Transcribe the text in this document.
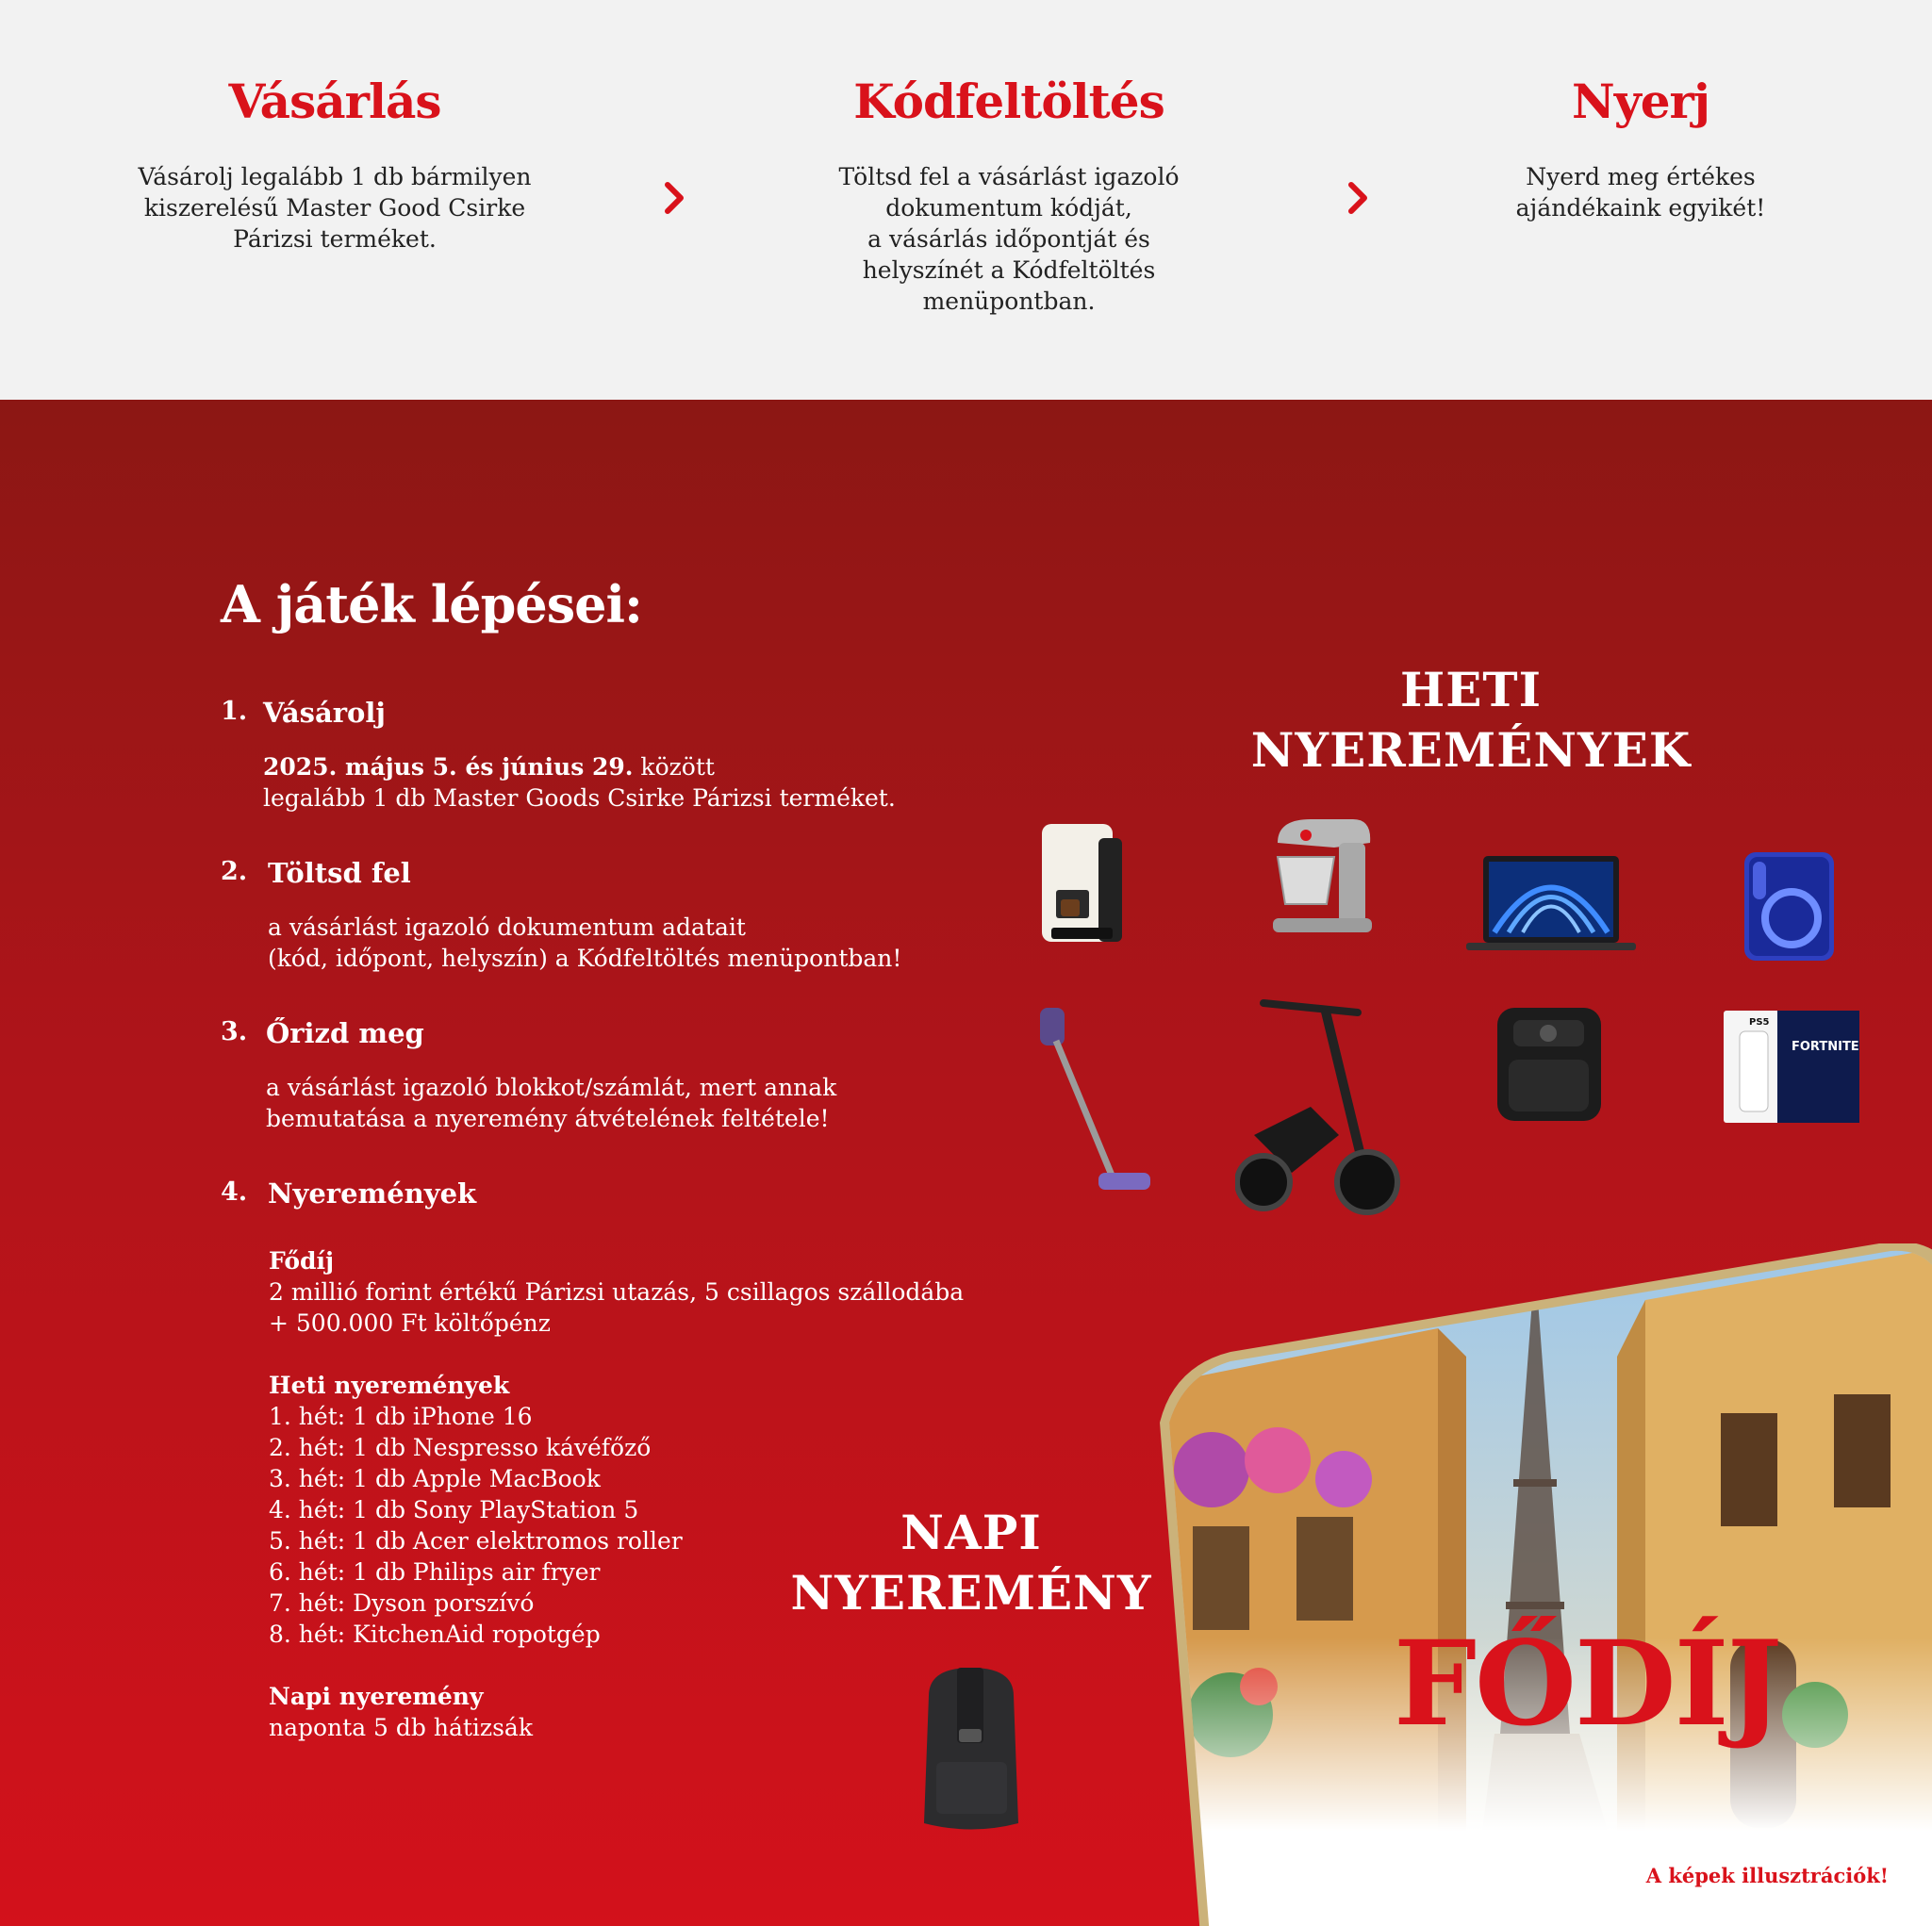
Vásárlás

Vásárolj legalább 1 db bármilyen
kiszerelésű Master Good Csirke
Párizsi terméket.

Kódfeltöltés

Töltsd fel a vásárlást igazoló
dokumentum kódját,
a vásárlás időpontját és
helyszínét a Kódfeltöltés
menüpontban.

Nyerj

Nyerd meg értékes
ajándékaink egyikét!

A játék lépései:
1. Vásárolj
2025. május 5. és június 29. között
legalább 1 db Master Goods Csirke Párizsi terméket.
2. Töltsd fel
a vásárlást igazoló dokumentum adatait
(kód, időpont, helyszín) a Kódfeltöltés menüpontban!
3. Őrizd meg
a vásárlást igazoló blokkot/számlát, mert annak
bemutatása a nyeremény átvételének feltétele!
4. Nyeremények
Fődíj
2 millió forint értékű Párizsi utazás, 5 csillagos szállodába
+ 500.000 Ft költőpénz
Heti nyeremények
1. hét: 1 db iPhone 16
2. hét: 1 db Nespresso kávéfőző
3. hét: 1 db Apple MacBook
4. hét: 1 db Sony PlayStation 5
5. hét: 1 db Acer elektromos roller
6. hét: 1 db Philips air fryer
7. hét: Dyson porszívó
8. hét: KitchenAid ropotgép
Napi nyeremény
naponta 5 db hátizsák
HETI
NYEREMÉNYEK
PS5
FORTNITE
NAPI
NYEREMÉNY
FŐDÍJ
A képek illusztrációk!
